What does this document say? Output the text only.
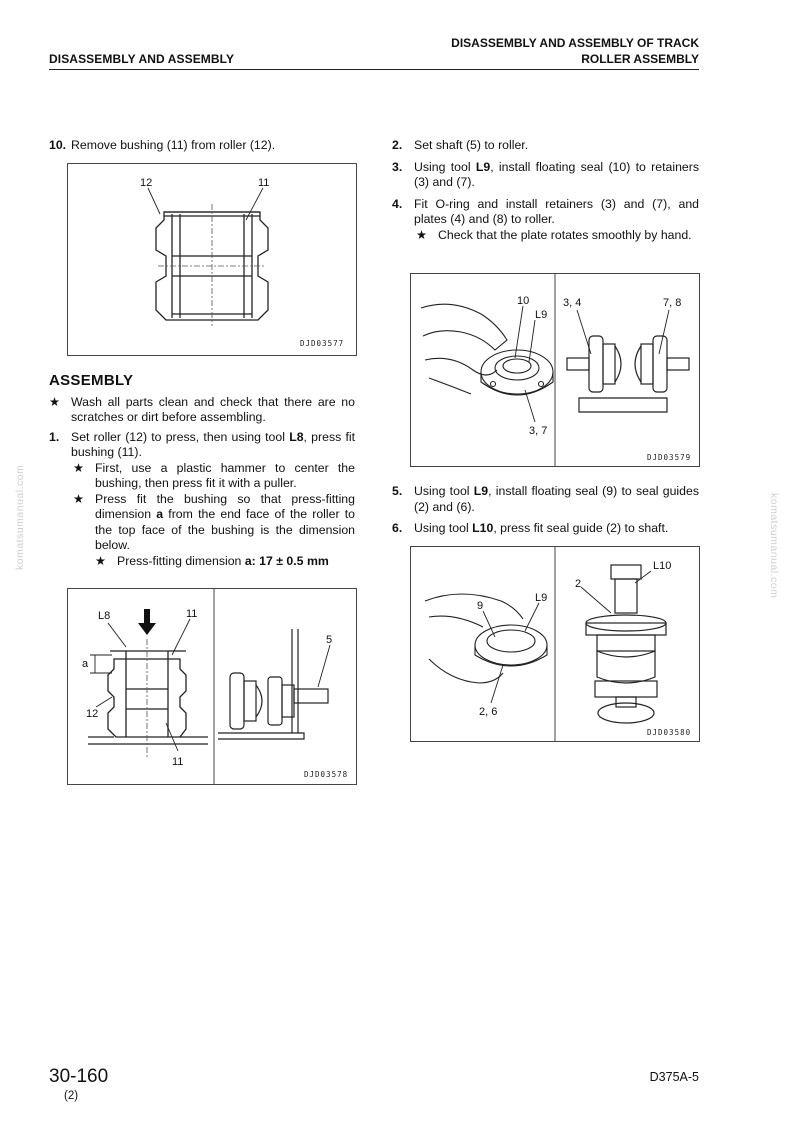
DISASSEMBLY AND ASSEMBLY
DISASSEMBLY AND ASSEMBLY OF TRACK
ROLLER ASSEMBLY
komatsumanual.com	komatsumanual.com
10. Remove bushing (11) from roller (12).
ASSEMBLY
★ Wash all parts clean and check that there are no scratches or dirt before assembling.
1. Set roller (12) to press, then using tool L8, press fit bushing (11).
★ First, use a plastic hammer to center the bushing, then press fit it with a puller.
★ Press fit the bushing so that press-fitting dimension a from the end face of the roller to the top face of the bushing is the dimension below.
★ Press-fitting dimension a: 17 ± 0.5 mm
2. Set shaft (5) to roller.
3. Using tool L9, install floating seal (10) to retainers (3) and (7).
4. Fit O-ring and install retainers (3) and (7), and plates (4) and (8) to roller.
★ Check that the plate rotates smoothly by hand.
5. Using tool L9, install floating seal (9) to seal guides (2) and (6).
6. Using tool L10, press fit seal guide (2) to shaft.
12	11
DJD03577
L8	11
a
12
11
5
DJD03578
10
L9
3, 7
3, 4	7, 8
DJD03579
9
L9
2, 6
L10
2
DJD03580
30-160
(2)
D375A-5
